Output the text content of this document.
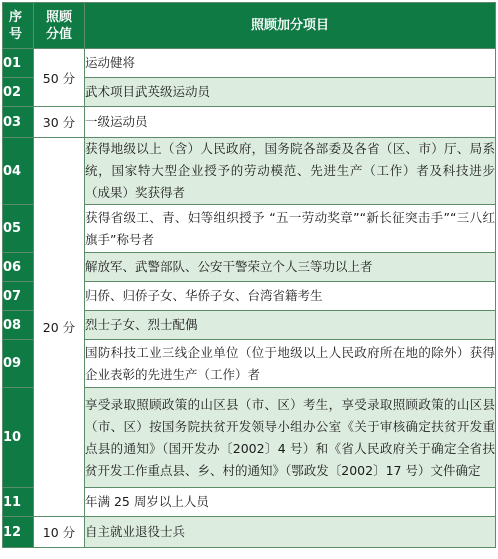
序号	照顾分值	照顾加分项目
01	50 分	运动健将
02		武术项目武英级运动员
03	30 分	一级运动员
04	20 分	获得地级以上（含）人民政府，国务院各部委及各省（区、市）厅、局系统，国家特大型企业授予的劳动模范、先进生产（工作）者及科技进步（成果）奖获得者
05		获得省级工、青、妇等组织授予 “五一劳动奖章”“新长征突击手”“三八红旗手”称号者
06		解放军、武警部队、公安干警荣立个人三等功以上者
07		归侨、归侨子女、华侨子女、台湾省籍考生
08		烈士子女、烈士配偶
09		国防科技工业三线企业单位（位于地级以上人民政府所在地的除外）获得企业表彰的先进生产（工作）者
10		享受录取照顾政策的山区县（市、区）考生，享受录取照顾政策的山区县（市、区）按国务院扶贫开发领导小组办公室《关于审核确定扶贫开发重点县的通知》（国开发办〔2002〕4 号）和《省人民政府关于确定全省扶贫开发工作重点县、乡、村的通知》（鄂政发〔2002〕17 号）文件确定
11		年满 25 周岁以上人员
12	10 分	自主就业退役士兵
